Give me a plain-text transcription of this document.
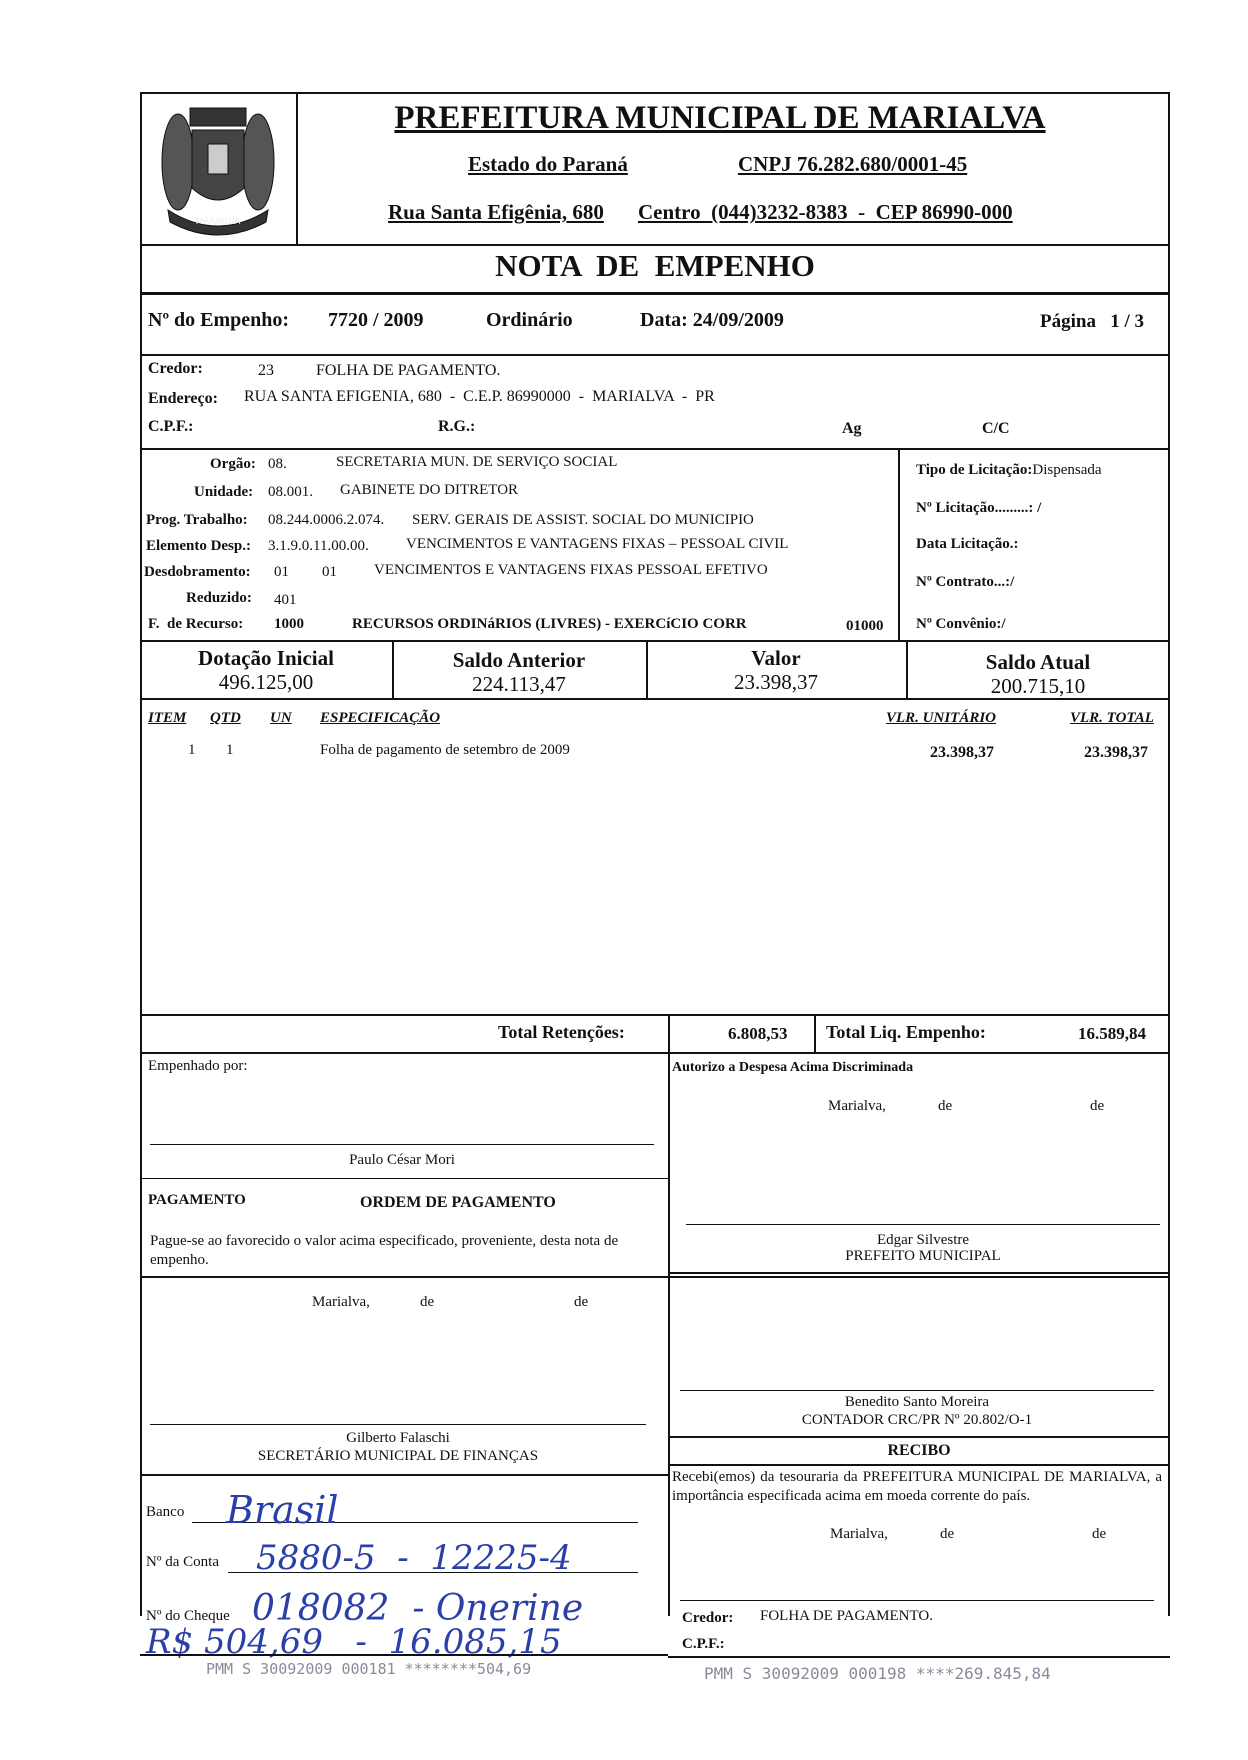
MARIALVA
PREFEITURA MUNICIPAL DE MARIALVA
Estado do Paraná	CNPJ 76.282.680/0001-45
Rua Santa Efigênia, 680 Centro  (044)3232-8383  -  CEP 86990-000
NOTA  DE  EMPENHO
Nº do Empenho: 7720 / 2009	Ordinário	Data: 24/09/2009	Página   1 / 3
Credor:	23	FOLHA DE PAGAMENTO.
Endereço: RUA SANTA EFIGENIA, 680  -  C.E.P. 86990000  -  MARIALVA  -  PR
C.P.F.:	R.G.:	Ag	C/C
Orgão: 08.	SECRETARIA MUN. DE SERVIÇO SOCIAL
Unidade: 08.001. GABINETE DO DITRETOR
Prog. Trabalho: 08.244.0006.2.074. SERV. GERAIS DE ASSIST. SOCIAL DO MUNICIPIO
Elemento Desp.: 3.1.9.0.11.00.00. VENCIMENTOS E VANTAGENS FIXAS – PESSOAL CIVIL
Desdobramento: 01 01 VENCIMENTOS E VANTAGENS FIXAS PESSOAL EFETIVO
Reduzido: 401
F.  de Recurso: 1000	RECURSOS ORDINáRIOS (LIVRES) - EXERCíCIO CORR	01000
Tipo de Licitação:Dispensada
Nº Licitação.........: /
Data Licitação.:
Nº Contrato...:/
Nº Convênio:/
Dotação Inicial
496.125,00
Saldo Anterior
224.113,47
Valor
23.398,37
Saldo Atual
200.715,10
ITEM QTD UN ESPECIFICAÇÃO	VLR. UNITÁRIO	VLR. TOTAL
1 1	Folha de pagamento de setembro de 2009	23.398,37	23.398,37
Total Retenções:	6.808,53 Total Liq. Empenho:	16.589,84
Empenhado por:
Paulo César Mori
Autorizo a Despesa Acima Discriminada
Marialva,	de	de
PAGAMENTO	ORDEM DE PAGAMENTO
Pague-se ao favorecido o valor acima especificado, proveniente, desta nota de empenho.
Marialva,	de	de
Edgar Silvestre
PREFEITO MUNICIPAL
Benedito Santo Moreira
CONTADOR CRC/PR Nº 20.802/O-1
Gilberto Falaschi
SECRETÁRIO MUNICIPAL DE FINANÇAS	RECIBO
Recebi(emos) da tesouraria da PREFEITURA MUNICIPAL DE MARIALVA, a importância especificada acima em moeda corrente do país.
Marialva,	de	de
Banco Brasil
Nº da Conta 5880-5  -  12225-4
Nº do Cheque 018082  - Onerine
R$ 504,69   -  16.085,15
Credor: FOLHA DE PAGAMENTO.
C.P.F.:
PMM S 30092009 000181 ********504,69	PMM S 30092009 000198 ****269.845,84
